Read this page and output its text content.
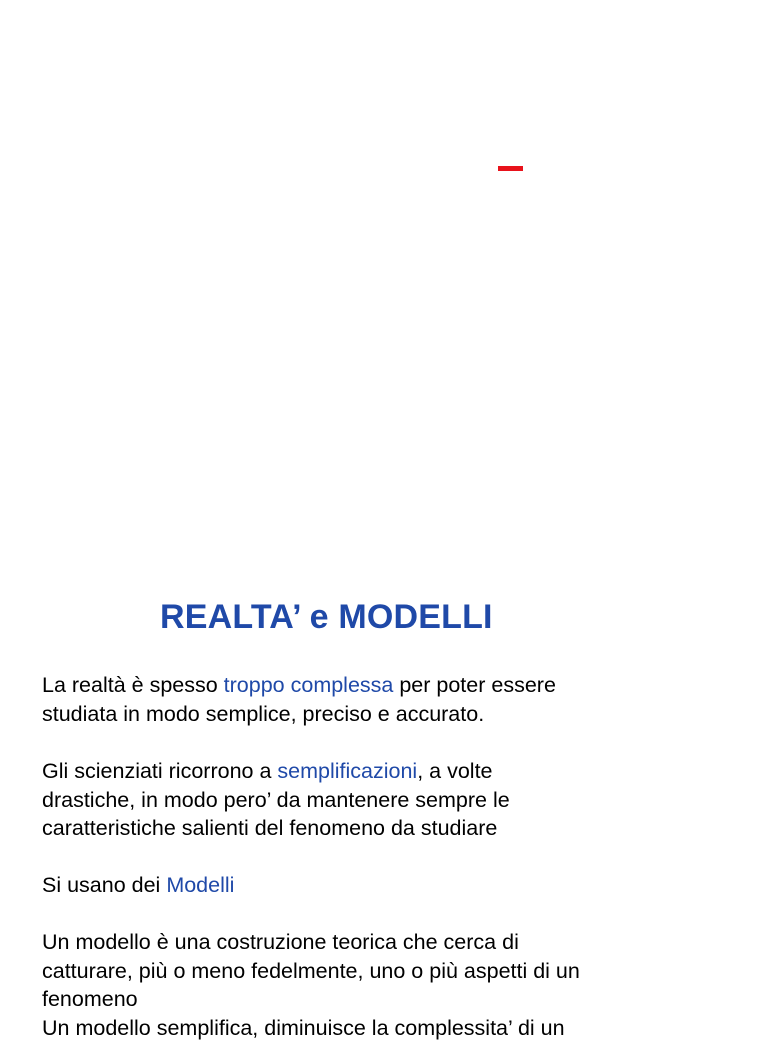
REALTA’ e MODELLI

La realtà è spesso troppo complessa per poter essere
studiata in modo semplice, preciso e accurato.

Gli scienziati ricorrono a semplificazioni, a volte
drastiche, in modo pero’ da mantenere sempre le
caratteristiche salienti del fenomeno da studiare

Si usano dei Modelli

Un modello è una costruzione teorica che cerca di
catturare, più o meno fedelmente, uno o più aspetti di un
fenomeno
Un modello semplifica, diminuisce la complessita’ di un
